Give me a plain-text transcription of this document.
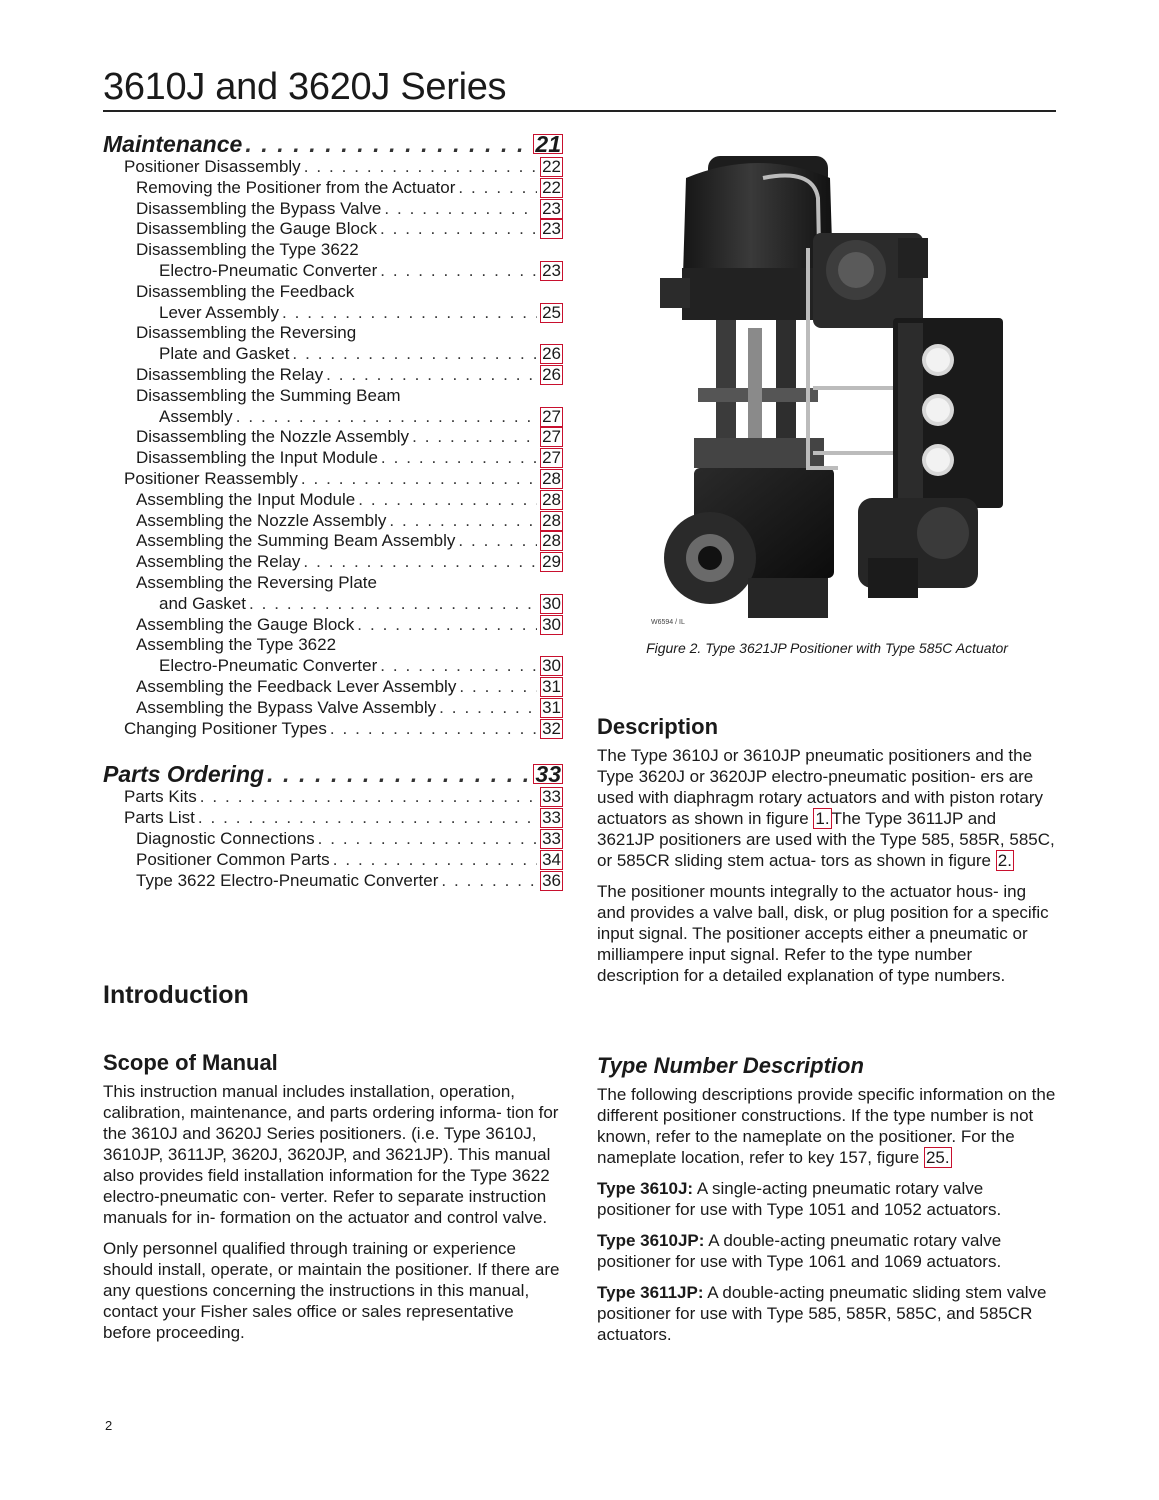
3610J and 3620J Series
Maintenance . . .	21
Positioner Disassembly . . .	22
Removing the Positioner from the Actuator . . .	22
Disassembling the Bypass Valve . . .	23
Disassembling the Gauge Block . . .	23
Disassembling the Type 3622
Electro-Pneumatic Converter . . .	23
Disassembling the Feedback
Lever Assembly . . .	25
Disassembling the Reversing
Plate and Gasket . . .	26
Disassembling the Relay . . .	26
Disassembling the Summing Beam
Assembly . . .	27
Disassembling the Nozzle Assembly . . .	27
Disassembling the Input Module . . .	27
Positioner Reassembly . . .	28
Assembling the Input Module . . .	28
Assembling the Nozzle Assembly . . .	28
Assembling the Summing Beam Assembly . . .	28
Assembling the Relay . . .	29
Assembling the Reversing Plate
and Gasket . . .	30
Assembling the Gauge Block . . .	30
Assembling the Type 3622
Electro-Pneumatic Converter . . .	30
Assembling the Feedback Lever Assembly . . .	31
Assembling the Bypass Valve Assembly . . .	31
Changing Positioner Types . . .	32
Parts Ordering . . .	33
Parts Kits . . .	33
Parts List . . .	33
Diagnostic Connections . . .	33
Positioner Common Parts . . .	34
Type 3622 Electro-Pneumatic Converter . . .	36
Introduction
Scope of Manual

This instruction manual includes installation, operation, calibration, maintenance, and parts ordering informa- tion for the 3610J and 3620J Series positioners. (i.e. Type 3610J, 3610JP, 3611JP, 3620J, 3620JP, and 3621JP). This manual also provides field installation information for the Type 3622 electro-pneumatic con- verter. Refer to separate instruction manuals for in- formation on the actuator and control valve.

Only personnel qualified through training or experience should install, operate, or maintain the positioner. If there are any questions concerning the instructions in this manual, contact your Fisher sales office or sales representative before proceeding.

W6594 / IL
Figure 2. Type 3621JP Positioner with Type 585C Actuator
Description

The Type 3610J or 3610JP pneumatic positioners and the Type 3620J or 3620JP electro-pneumatic position- ers are used with diaphragm rotary actuators and with piston rotary actuators as shown in figure 1. The Type 3611JP and 3621JP positioners are used with the Type 585, 585R, 585C, or 585CR sliding stem actua- tors as shown in figure 2.

The positioner mounts integrally to the actuator hous- ing and provides a valve ball, disk, or plug position for a specific input signal. The positioner accepts either a pneumatic or milliampere input signal. Refer to the type number description for a detailed explanation of type numbers.

Type Number Description

The following descriptions provide specific information on the different positioner constructions. If the type number is not known, refer to the nameplate on the positioner. For the nameplate location, refer to key 157, figure 25.

Type 3610J: A single-acting pneumatic rotary valve positioner for use with Type 1051 and 1052 actuators.

Type 3610JP: A double-acting pneumatic rotary valve positioner for use with Type 1061 and 1069 actuators.

Type 3611JP: A double-acting pneumatic sliding stem valve positioner for use with Type 585, 585R, 585C, and 585CR actuators.

2
